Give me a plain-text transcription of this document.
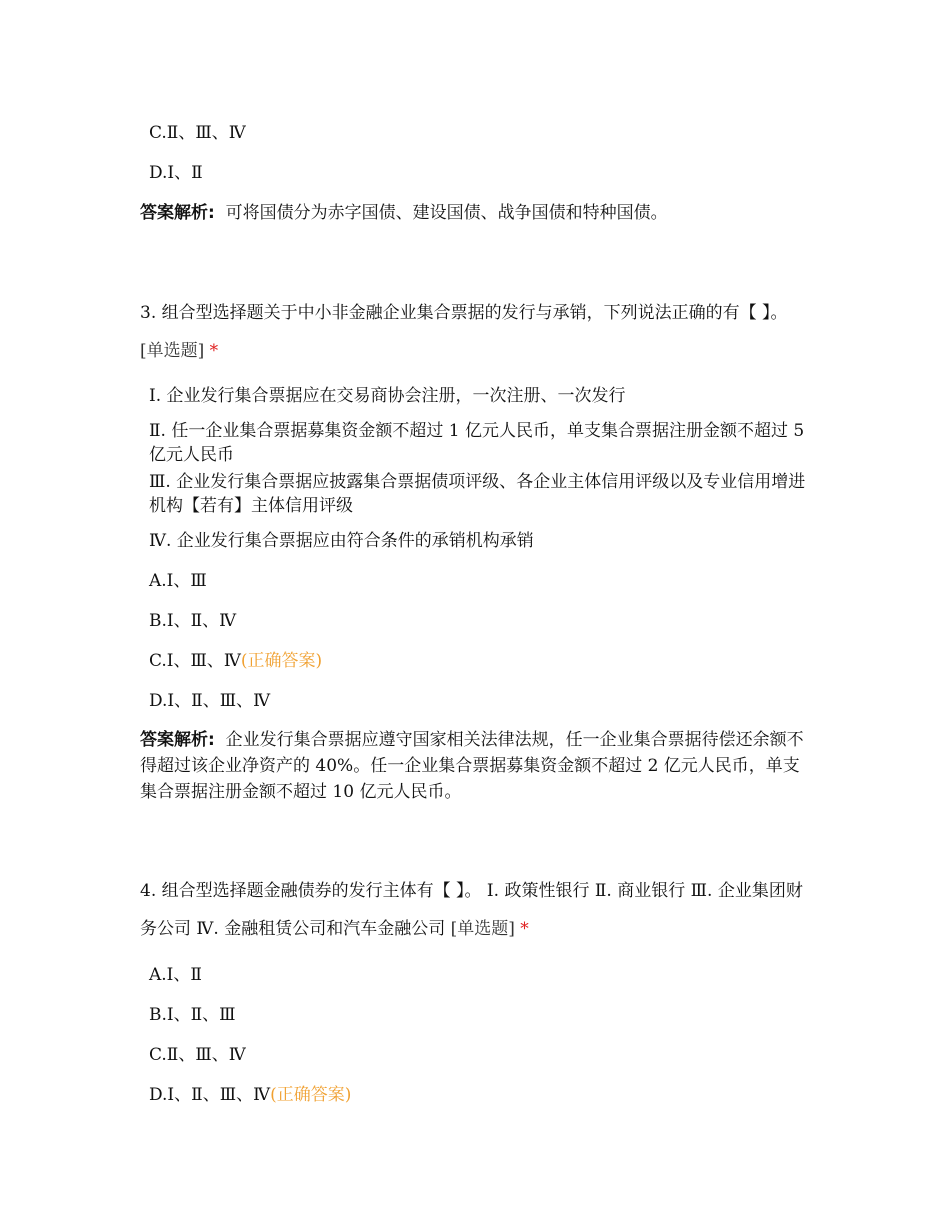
C.Ⅱ、Ⅲ、Ⅳ
D.Ⅰ、Ⅱ
答案解析: 可将国债分为赤字国债、建设国债、战争国债和特种国债。
3. 组合型选择题关于中小非金融企业集合票据的发行与承销，下列说法正确的有【 】。 [单选题] *
Ⅰ. 企业发行集合票据应在交易商协会注册，一次注册、一次发行
Ⅱ. 任一企业集合票据募集资金额不超过 1 亿元人民币，单支集合票据注册金额不超过 5 亿元人民币
Ⅲ. 企业发行集合票据应披露集合票据债项评级、各企业主体信用评级以及专业信用增进机构【若有】主体信用评级
Ⅳ. 企业发行集合票据应由符合条件的承销机构承销
A.Ⅰ、Ⅲ
B.Ⅰ、Ⅱ、Ⅳ
C.Ⅰ、Ⅲ、Ⅳ(正确答案)
D.Ⅰ、Ⅱ、Ⅲ、Ⅳ
答案解析: 企业发行集合票据应遵守国家相关法律法规，任一企业集合票据待偿还余额不得超过该企业净资产的 40%。任一企业集合票据募集资金额不超过 2 亿元人民币，单支集合票据注册金额不超过 10 亿元人民币。
4. 组合型选择题金融债券的发行主体有【 】。 Ⅰ. 政策性银行 Ⅱ. 商业银行 Ⅲ. 企业集团财务公司 Ⅳ. 金融租赁公司和汽车金融公司 [单选题] *
A.Ⅰ、Ⅱ
B.Ⅰ、Ⅱ、Ⅲ
C.Ⅱ、Ⅲ、Ⅳ
D.Ⅰ、Ⅱ、Ⅲ、Ⅳ(正确答案)
